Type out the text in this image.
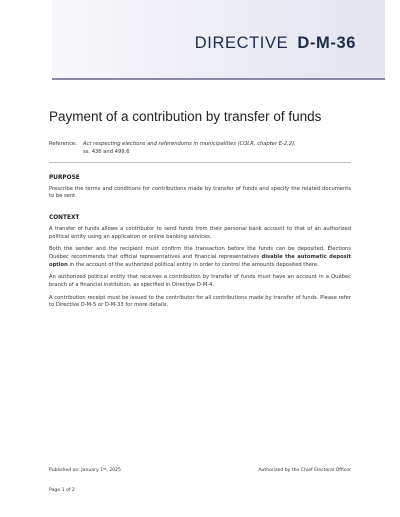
DIRECTIVE D-M-36
Payment of a contribution by transfer of funds
Reference: Act respecting elections and referendums in municipalities (CQLR, chapter E-2.2),
ss. 436 and 499.6
PURPOSE

Prescribe the terms and conditions for contributions made by transfer of funds and specify the related documents to be sent.

CONTEXT

A transfer of funds allows a contributor to send funds from their personal bank account to that of an authorized political entity using an application or online banking services.

Both the sender and the recipient must confirm the transaction before the funds can be deposited. Élections Québec recommends that official representatives and financial representatives disable the automatic deposit option in the account of the authorized political entity in order to control the amounts deposited there.

An authorized political entity that receives a contribution by transfer of funds must have an account in a Québec branch of a financial institution, as specified in Directive D-M-4.

A contribution receipt must be issued to the contributor for all contributions made by transfer of funds. Please refer to Directive D-M-5 or D-M-33 for more details.

Published on: January 1st, 2025	Authorized by the Chief Electoral Officer
Page 1 of 2
